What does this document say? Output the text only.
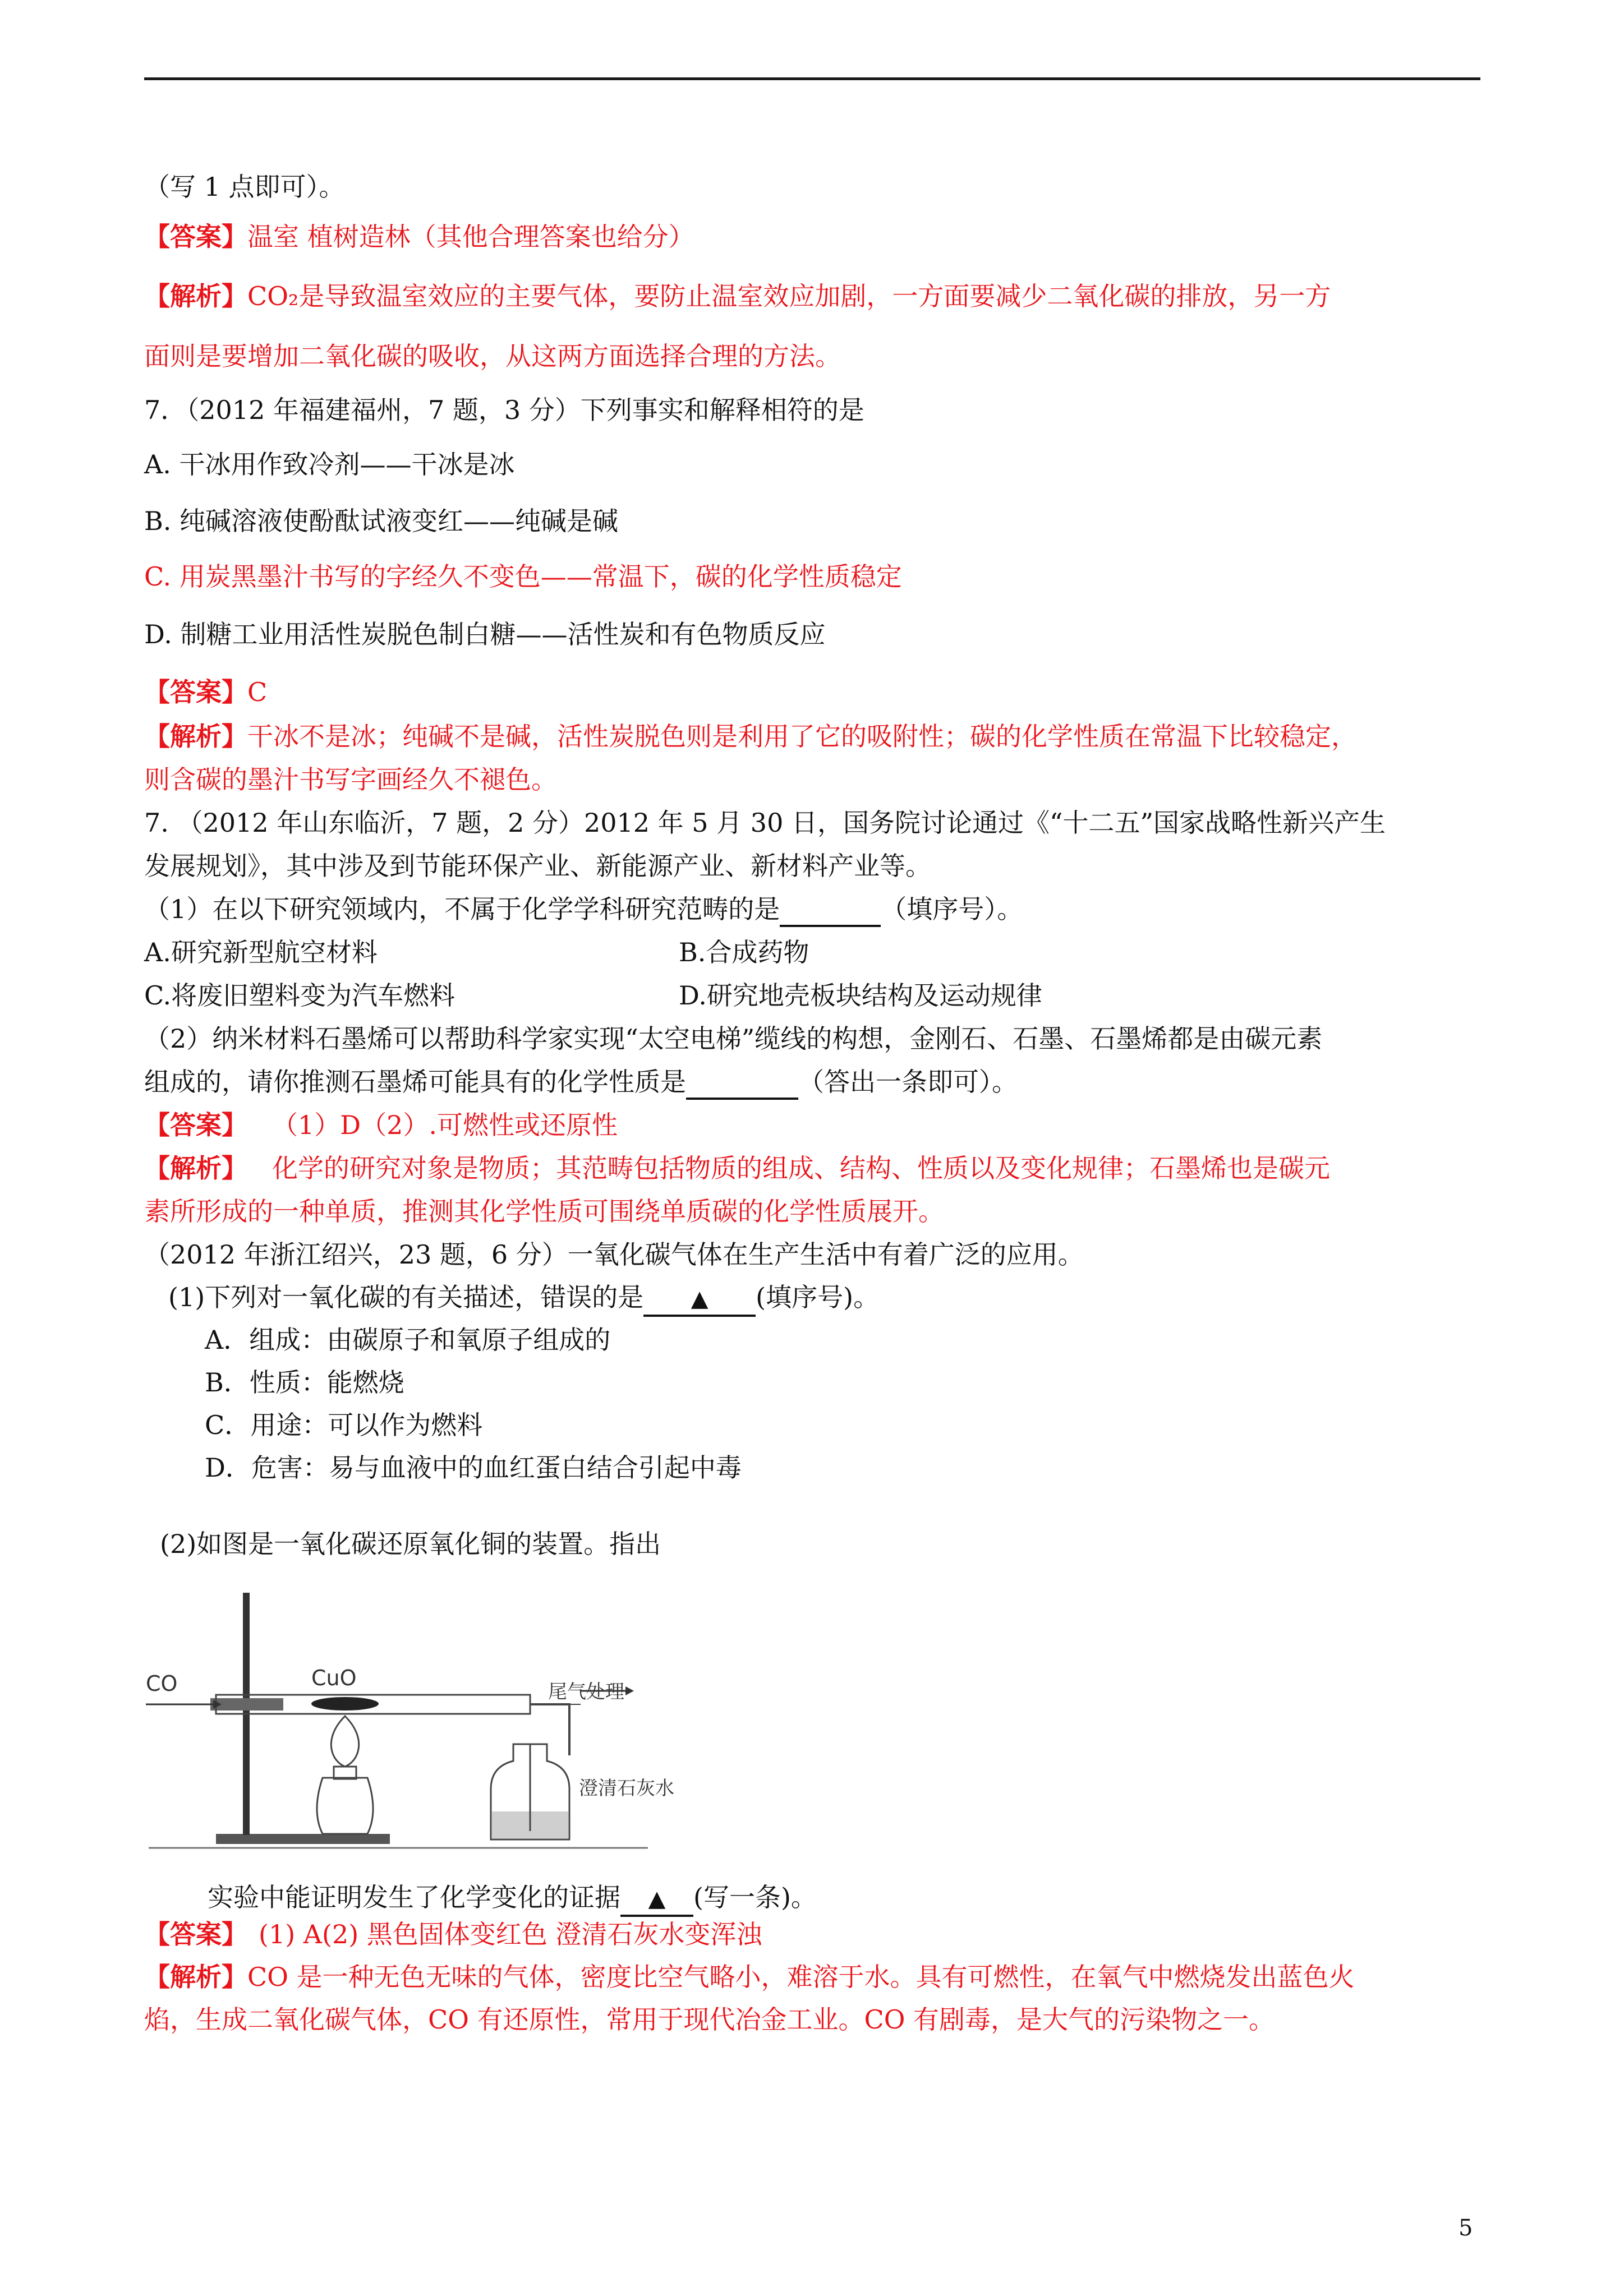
（写 1 点即可）。
【答案】温室 植树造林（其他合理答案也给分）
【解析】CO₂是导致温室效应的主要气体，要防止温室效应加剧，一方面要减少二氧化碳的排放，另一方
面则是要增加二氧化碳的吸收，从这两方面选择合理的方法。
7．（2012 年福建福州，7 题，3 分）下列事实和解释相符的是
A. 干冰用作致冷剂——干冰是冰
B. 纯碱溶液使酚酞试液变红——纯碱是碱
C. 用炭黑墨汁书写的字经久不变色——常温下，碳的化学性质稳定
D. 制糖工业用活性炭脱色制白糖——活性炭和有色物质反应
【答案】C
【解析】干冰不是冰；纯碱不是碱，活性炭脱色则是利用了它的吸附性；碳的化学性质在常温下比较稳定，
则含碳的墨汁书写字画经久不褪色。
7. （2012 年山东临沂，7 题，2 分）2012 年 5 月 30 日，国务院讨论通过《“十二五”国家战略性新兴产生
发展规划》，其中涉及到节能环保产业、新能源产业、新材料产业等。
（1）在以下研究领域内，不属于化学学科研究范畴的是	（填序号）。
A.研究新型航空材料	B.合成药物
C.将废旧塑料变为汽车燃料	D.研究地壳板块结构及运动规律
（2）纳米材料石墨烯可以帮助科学家实现“太空电梯”缆线的构想，金刚石、石墨、石墨烯都是由碳元素
组成的，请你推测石墨烯可能具有的化学性质是	（答出一条即可）。
【答案】 （1）D（2）.可燃性或还原性
【解析】 化学的研究对象是物质；其范畴包括物质的组成、结构、性质以及变化规律；石墨烯也是碳元
素所形成的一种单质，推测其化学性质可围绕单质碳的化学性质展开。
（2012 年浙江绍兴，23 题，6 分）一氧化碳气体在生产生活中有着广泛的应用。
(1)下列对一氧化碳的有关描述，错误的是 ▲ (填序号)。
A．组成：由碳原子和氧原子组成的
B．性质：能燃烧
C．用途：可以作为燃料
D．危害：易与血液中的血红蛋白结合引起中毒
(2)如图是一氧化碳还原氧化铜的装置。指出
CuO
CO	尾气处理
澄清石灰水
实验中能证明发生了化学变化的证据 ▲ (写一条)。
【答案】 (1) A(2) 黑色固体变红色 澄清石灰水变浑浊
【解析】CO 是一种无色无味的气体，密度比空气略小，难溶于水。具有可燃性，在氧气中燃烧发出蓝色火
焰，生成二氧化碳气体，CO 有还原性，常用于现代冶金工业。CO 有剧毒，是大气的污染物之一。
5
